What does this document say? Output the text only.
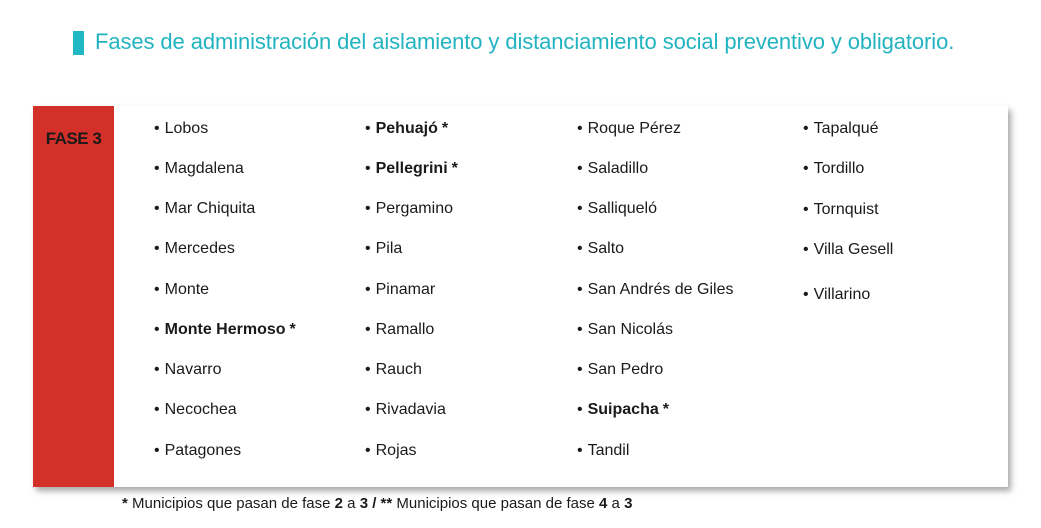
Fases de administración del aislamiento y distanciamiento social preventivo y obligatorio.
FASE 3
• Lobos
• Magdalena
• Mar Chiquita
• Mercedes
• Monte
• Monte Hermoso *
• Navarro
• Necochea
• Patagones
• Pehuajó *
• Pellegrini *
• Pergamino
• Pila
• Pinamar
• Ramallo
• Rauch
• Rivadavia
• Rojas
• Roque Pérez
• Saladillo
• Salliqueló
• Salto
• San Andrés de Giles
• San Nicolás
• San Pedro
• Suipacha *
• Tandil
• Tapalqué
• Tordillo
• Tornquist
• Villa Gesell
• Villarino
* Municipios que pasan de fase 2 a 3 / ** Municipios que pasan de fase 4 a 3
